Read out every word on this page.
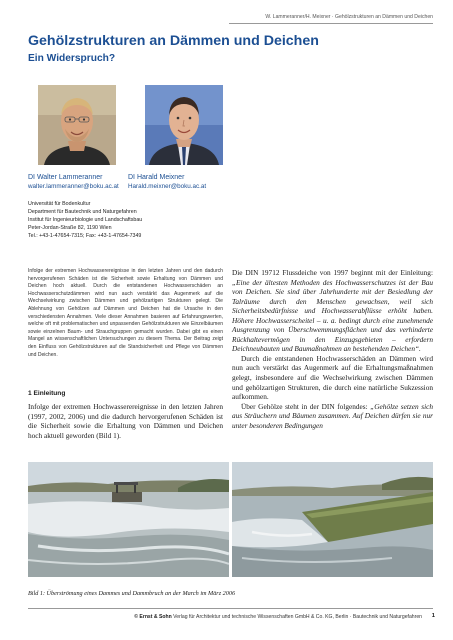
W. Lammeranner/H. Meixner · Gehölzstrukturen an Dämmen und Deichen
Gehölzstrukturen an Dämmen und Deichen
Ein Widerspruch?
DI Walter Lammeranner
walter.lammeranner@boku.ac.at
DI Harald Meixner
Harald.meixner@boku.ac.at
Universität für Bodenkultur
Department für Bautechnik und Naturgefahren
Institut für Ingenieurbiologie und Landschaftsbau
Peter-Jordan-Straße 82, 1190 Wien
Tel.: +43-1-47654-7315; Fax: +43-1-47654-7349

Infolge der extremen Hochwasserereignisse in den letzten Jahren und den dadurch hervorgerufenen Schäden ist die Sicherheit sowie Erhaltung von Dämmen und Deichen hoch aktuell. Durch die entstandenen Hochwasserschäden an Hochwasserschutzdämmen wird nun auch verstärkt das Augenmerk auf die Wechselwirkung zwischen Dämmen und gehölzartigen Strukturen gelegt. Die Ablehnung von Gehölzen auf Dämmen und Deichen hat die Ursache in den verschiedensten Annahmen. Viele dieser Annahmen basieren auf Erfahrungswerten, welche oft mit problematischen und unpassenden Gehölzstrukturen wie Einzelbäumen sowie einzelnen Baum- und Strauchgruppen gemacht wurden. Dabei gibt es einen Mangel an wissenschaftlichen Untersuchungen zu diesem Thema. Der Beitrag zeigt den Einfluss von Gehölzstrukturen auf die Standsicherheit und Pflege von Dämmen und Deichen.

1 Einleitung

Infolge der extremen Hochwasserereignisse in den letzten Jahren (1997, 2002, 2006) und die dadurch hervorgerufenen Schäden ist die Sicherheit sowie die Erhaltung von Dämmen und Deichen hoch aktuell geworden (Bild 1).

Die DIN 19712 Flussdeiche von 1997 beginnt mit der Einleitung: „Eine der ältesten Methoden des Hochwasserschutzes ist der Bau von Deichen. Sie sind über Jahrhunderte mit der Besiedlung der Talräume durch den Menschen gewachsen, weil sich Sicherheitsbedürfnisse und Hochwasserabflüsse erhöht haben. Höhere Hochwasserscheitel – u. a. bedingt durch eine zunehmende Ausgrenzung von Überschwemmungsflächen und das verhinderte Rückhaltevermögen in den Einzugsgebieten – erfordern Deichneubauten und Baumaßnahmen an bestehenden Deichen“.

Durch die entstandenen Hochwasserschäden an Dämmen wird nun auch verstärkt das Augenmerk auf die Erhaltungsmaßnahmen gelegt, insbesondere auf die Wechselwirkung zwischen Dämmen und gehölzartigen Strukturen, die durch eine natürliche Sukzession aufkommen.

Über Gehölze steht in der DIN folgendes: „Gehölze setzen sich aus Sträuchern und Bäumen zusammen. Auf Deichen dürfen sie nur unter besonderen Bedingungen

Bild 1: Überströmung eines Dammes und Dammbruch an der March im März 2006

© Ernst & Sohn Verlag für Architektur und technische Wissenschaften GmbH & Co. KG, Berlin · Bautechnik und Naturgefahren	1
